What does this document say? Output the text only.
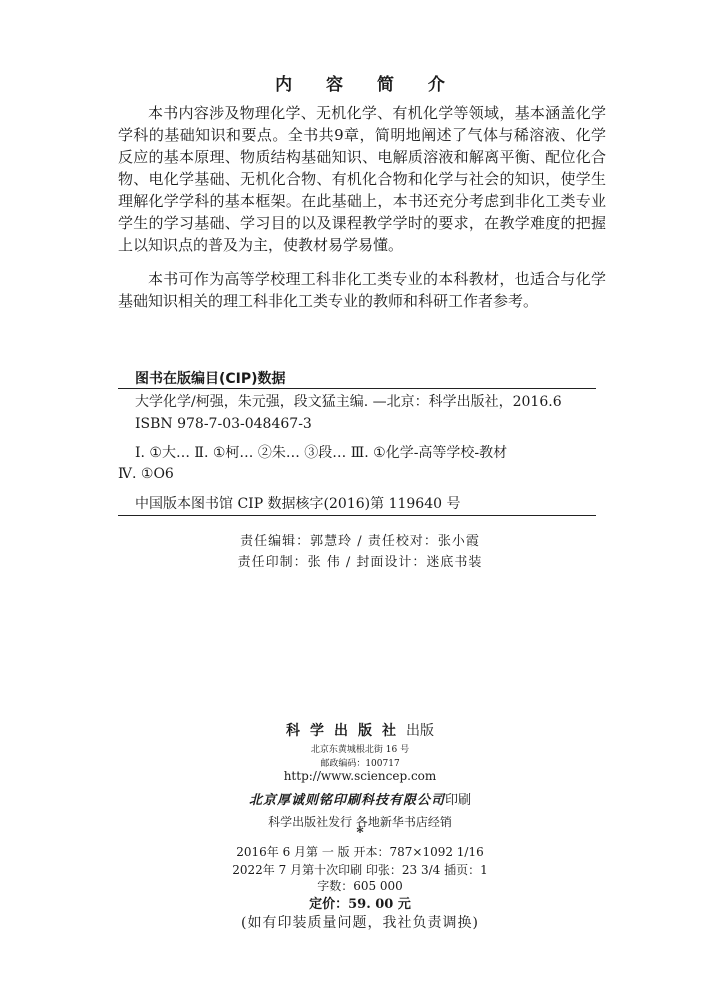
内 容 简 介

本书内容涉及物理化学、无机化学、有机化学等领域，基本涵盖化学学科的基础知识和要点。全书共9章，简明地阐述了气体与稀溶液、化学反应的基本原理、物质结构基础知识、电解质溶液和解离平衡、配位化合物、电化学基础、无机化合物、有机化合物和化学与社会的知识，使学生理解化学学科的基本框架。在此基础上，本书还充分考虑到非化工类专业学生的学习基础、学习目的以及课程教学学时的要求，在教学难度的把握上以知识点的普及为主，使教材易学易懂。

本书可作为高等学校理工科非化工类专业的本科教材，也适合与化学基础知识相关的理工科非化工类专业的教师和科研工作者参考。

图书在版编目(CIP)数据
大学化学/柯强，朱元强，段文猛主编. —北京：科学出版社，2016.6
ISBN 978-7-03-048467-3
Ⅰ. ①大… Ⅱ. ①柯… ②朱… ③段… Ⅲ. ①化学-高等学校-教材
Ⅳ. ①O6
中国版本图书馆 CIP 数据核字(2016)第 119640 号
责任编辑：郭慧玲 / 责任校对：张小霞
责任印制：张 伟 / 封面设计：迷底书装
科学出版社出版
北京东黄城根北街 16 号
邮政编码：100717
http://www.sciencep.com
北京厚诚则铭印刷科技有限公司印刷
科学出版社发行 各地新华书店经销
*
2016年 6 月第 一 版 开本：787×1092 1/16
2022年 7 月第十次印刷 印张：23 3/4 插页：1
字数：605 000
定价：59. 00 元
(如有印装质量问题，我社负责调换)
